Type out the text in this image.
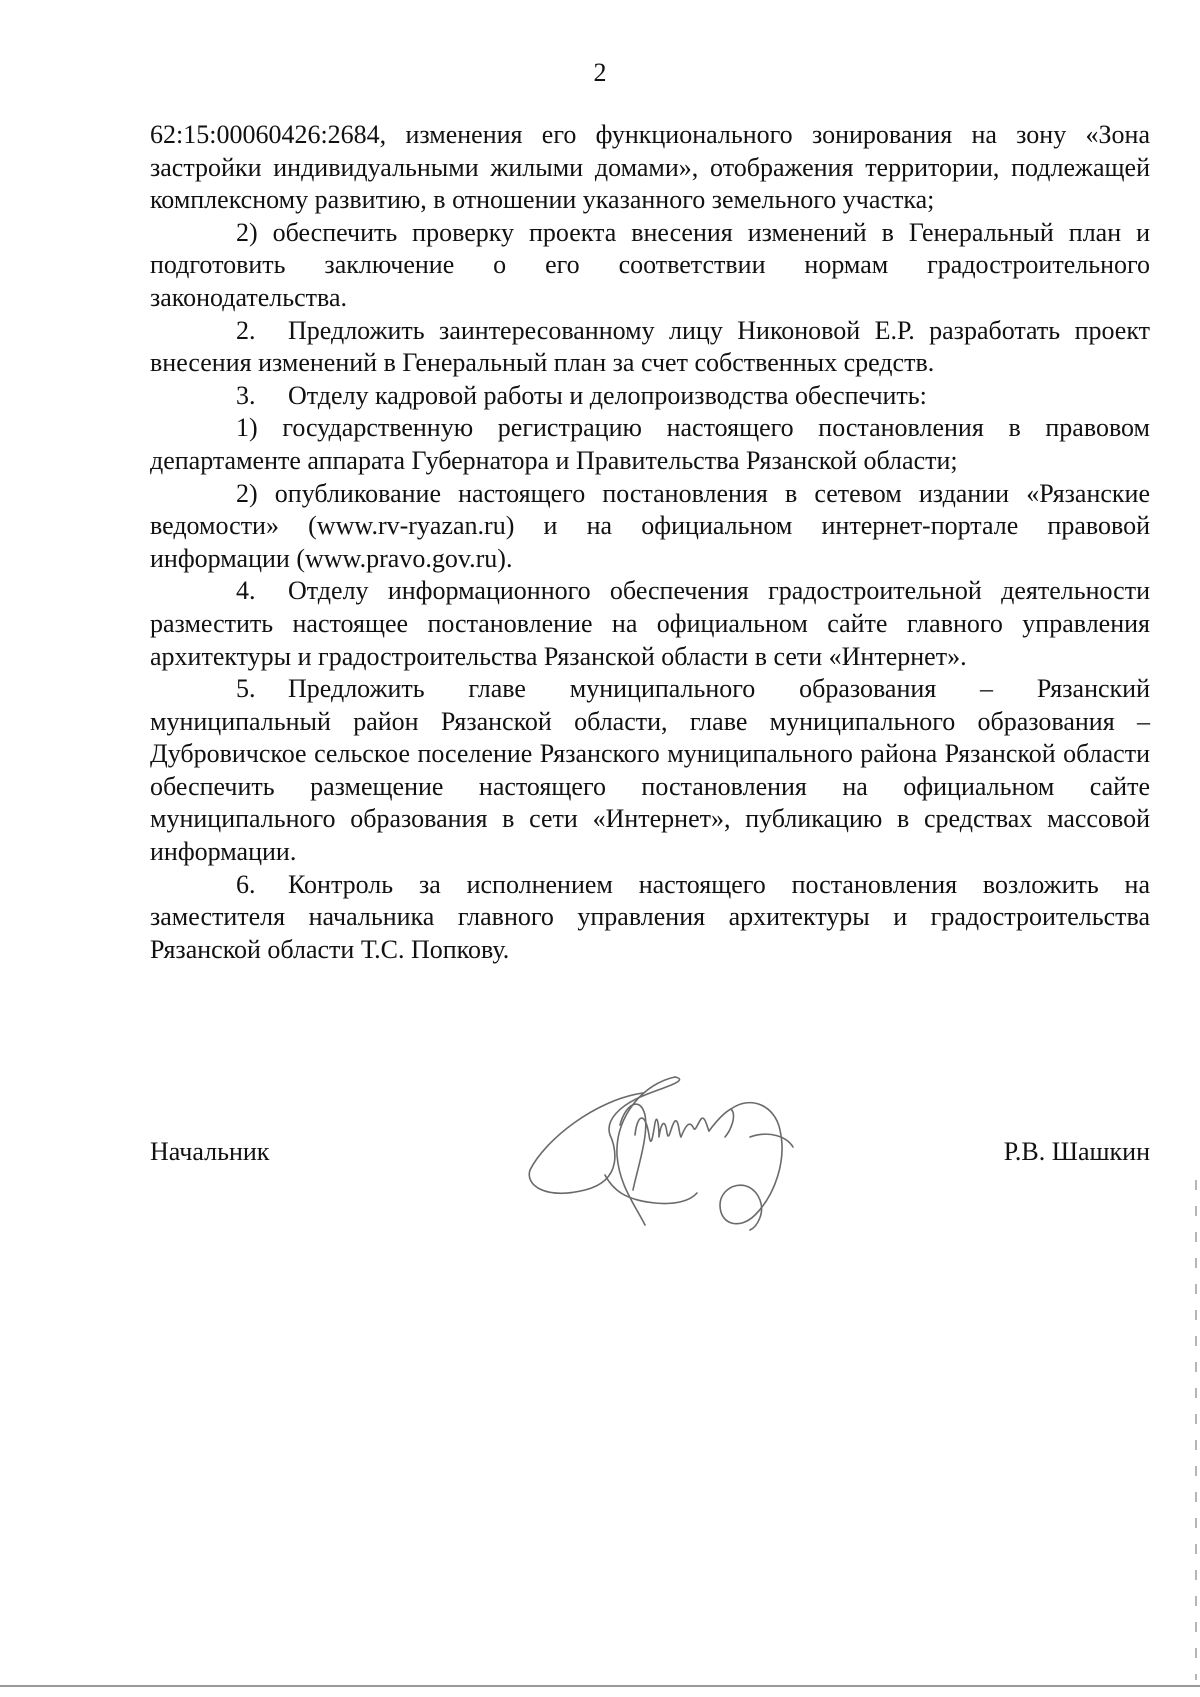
2

62:15:00060426:2684, изменения его функционального зонирования на зону «Зона застройки индивидуальными жилыми домами», отображения территории, подлежащей комплексному развитию, в отношении указанного земельного участка;

2) обеспечить проверку проекта внесения изменений в Генеральный план и подготовить заключение о его соответствии нормам градостроительного законодательства.

2. Предложить заинтересованному лицу Никоновой Е.Р. разработать проект внесения изменений в Генеральный план за счет собственных средств.

3. Отделу кадровой работы и делопроизводства обеспечить:

1) государственную регистрацию настоящего постановления в правовом департаменте аппарата Губернатора и Правительства Рязанской области;

2) опубликование настоящего постановления в сетевом издании «Рязанские ведомости» (www.rv-ryazan.ru) и на официальном интернет-портале правовой информации (www.pravo.gov.ru).

4. Отделу информационного обеспечения градостроительной деятельности разместить настоящее постановление на официальном сайте главного управления архитектуры и градостроительства Рязанской области в сети «Интернет».

5. Предложить главе муниципального образования – Рязанский муниципальный район Рязанской области, главе муниципального образования – Дубровичское сельское поселение Рязанского муниципального района Рязанской области обеспечить размещение настоящего постановления на официальном сайте муниципального образования в сети «Интернет», публикацию в средствах массовой информации.

6. Контроль за исполнением настоящего постановления возложить на заместителя начальника главного управления архитектуры и градостроительства Рязанской области Т.С. Попкову.

Начальник	Р.В. Шашкин
